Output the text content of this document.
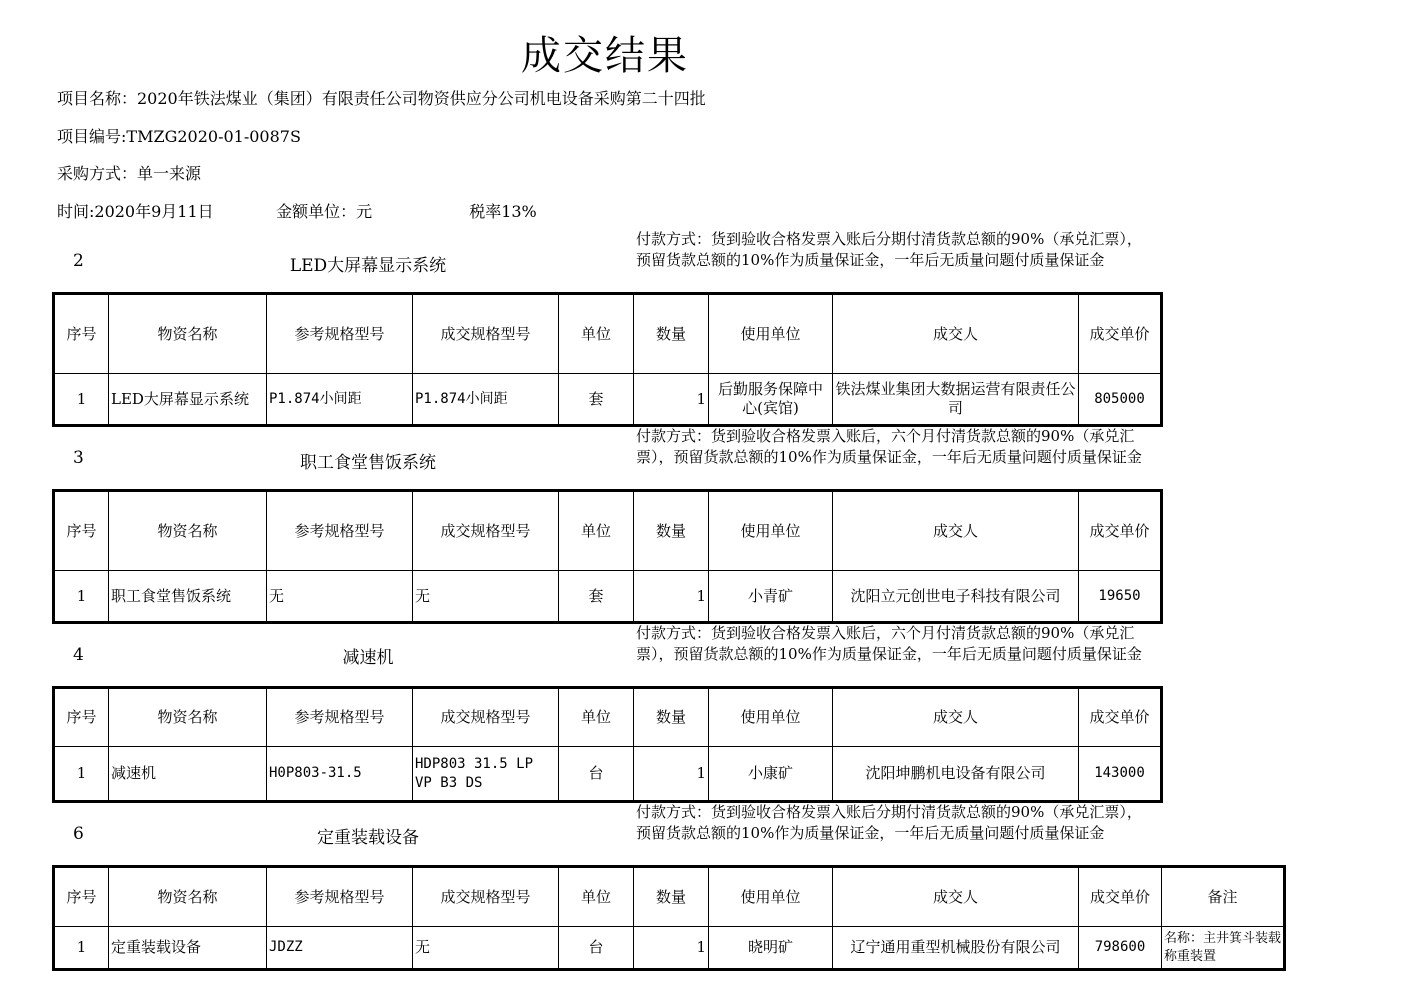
成交结果
项目名称：2020年铁法煤业（集团）有限责任公司物资供应分公司机电设备采购第二十四批
项目编号:TMZG2020-01-0087S
采购方式：单一来源
时间:2020年9月11日	金额单位：元	税率13%
2	LED大屏幕显示系统
付款方式：货到验收合格发票入账后分期付清货款总额的90%（承兑汇票），预留货款总额的10%作为质量保证金，一年后无质量问题付质量保证金
序号	物资名称	参考规格型号	成交规格型号	单位	数量	使用单位	成交人	成交单价
1	LED大屏幕显示系统	P1.874小间距	P1.874小间距	套	1	后勤服务保障中心(宾馆)	铁法煤业集团大数据运营有限责任公司	805000
3	职工食堂售饭系统
付款方式：货到验收合格发票入账后，六个月付清货款总额的90%（承兑汇票），预留货款总额的10%作为质量保证金，一年后无质量问题付质量保证金
序号	物资名称	参考规格型号	成交规格型号	单位	数量	使用单位	成交人	成交单价
1	职工食堂售饭系统	无	无	套	1	小青矿	沈阳立元创世电子科技有限公司	19650
4	减速机
付款方式：货到验收合格发票入账后，六个月付清货款总额的90%（承兑汇票），预留货款总额的10%作为质量保证金，一年后无质量问题付质量保证金
序号	物资名称	参考规格型号	成交规格型号	单位	数量	使用单位	成交人	成交单价
1	减速机	H0P803-31.5	HDP803 31.5 LP VP B3 DS	台	1	小康矿	沈阳坤鹏机电设备有限公司	143000
6	定重装载设备
付款方式：货到验收合格发票入账后分期付清货款总额的90%（承兑汇票），预留货款总额的10%作为质量保证金，一年后无质量问题付质量保证金
序号	物资名称	参考规格型号	成交规格型号	单位	数量	使用单位	成交人	成交单价	备注
1	定重装载设备	JDZZ	无	台	1	晓明矿	辽宁通用重型机械股份有限公司	798600	名称：主井箕斗装载称重装置
